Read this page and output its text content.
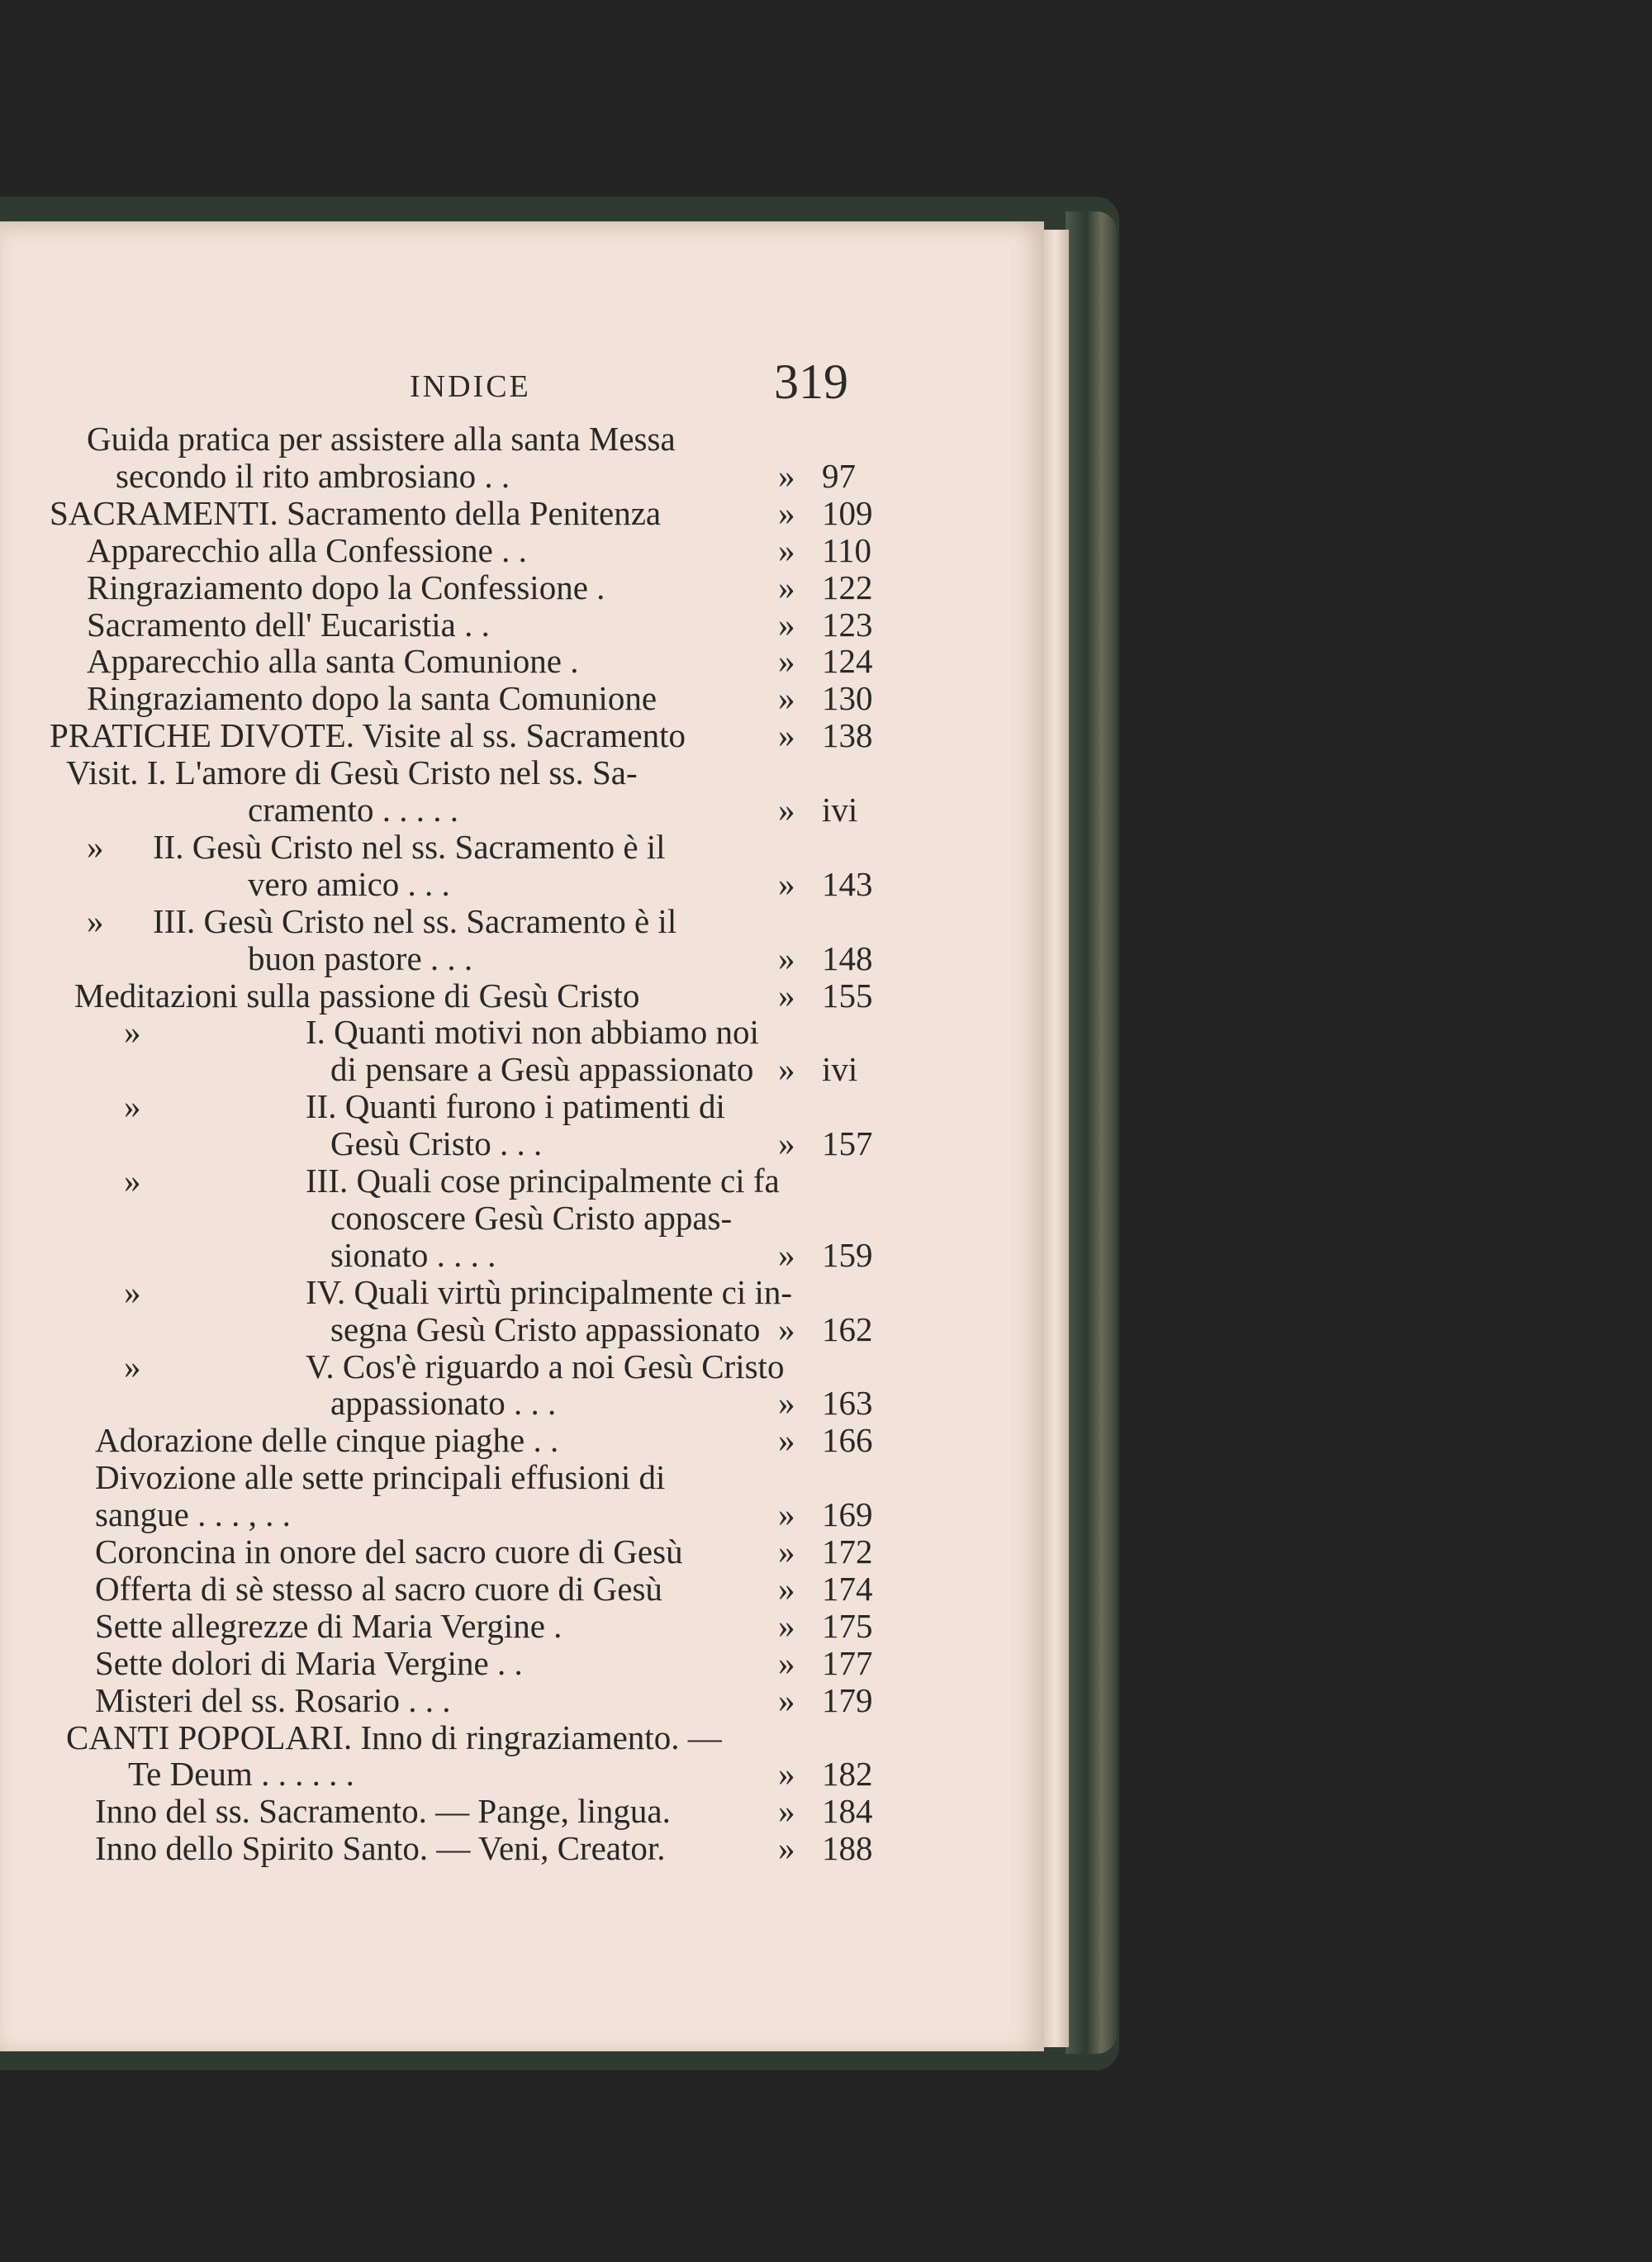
INDICE	319
Guida pratica per assistere alla santa Messa
secondo il rito ambrosiano . .	» 97
SACRAMENTI. Sacramento della Penitenza	» 109
Apparecchio alla Confessione . .	» 110
Ringraziamento dopo la Confessione .	» 122
Sacramento dell' Eucaristia . .	» 123
Apparecchio alla santa Comunione .	» 124
Ringraziamento dopo la santa Comunione	» 130
PRATICHE DIVOTE. Visite al ss. Sacramento	» 138
Visit. I. L'amore di Gesù Cristo nel ss. Sa-
cramento . . . . .	» ivi
» II. Gesù Cristo nel ss. Sacramento è il
vero amico . . .	» 143
» III. Gesù Cristo nel ss. Sacramento è il
buon pastore . . .	» 148
Meditazioni sulla passione di Gesù Cristo	» 155
»	I. Quanti motivi non abbiamo noi
di pensare a Gesù appassionato » ivi
»	II. Quanti furono i patimenti di
Gesù Cristo . . .	» 157
»	III. Quali cose principalmente ci fa
conoscere Gesù Cristo appas-
sionato . . . .	» 159
»	IV. Quali virtù principalmente ci in-
segna Gesù Cristo appassionato » 162
»	V. Cos'è riguardo a noi Gesù Cristo
appassionato . . .	» 163
Adorazione delle cinque piaghe . .	» 166
Divozione alle sette principali effusioni di
sangue . . . , . .	» 169
Coroncina in onore del sacro cuore di Gesù	» 172
Offerta di sè stesso al sacro cuore di Gesù	» 174
Sette allegrezze di Maria Vergine .	» 175
Sette dolori di Maria Vergine . .	» 177
Misteri del ss. Rosario . . .	» 179
CANTI POPOLARI. Inno di ringraziamento. —
Te Deum . . . . . .	» 182
Inno del ss. Sacramento. — Pange, lingua.	» 184
Inno dello Spirito Santo. — Veni, Creator.	» 188
